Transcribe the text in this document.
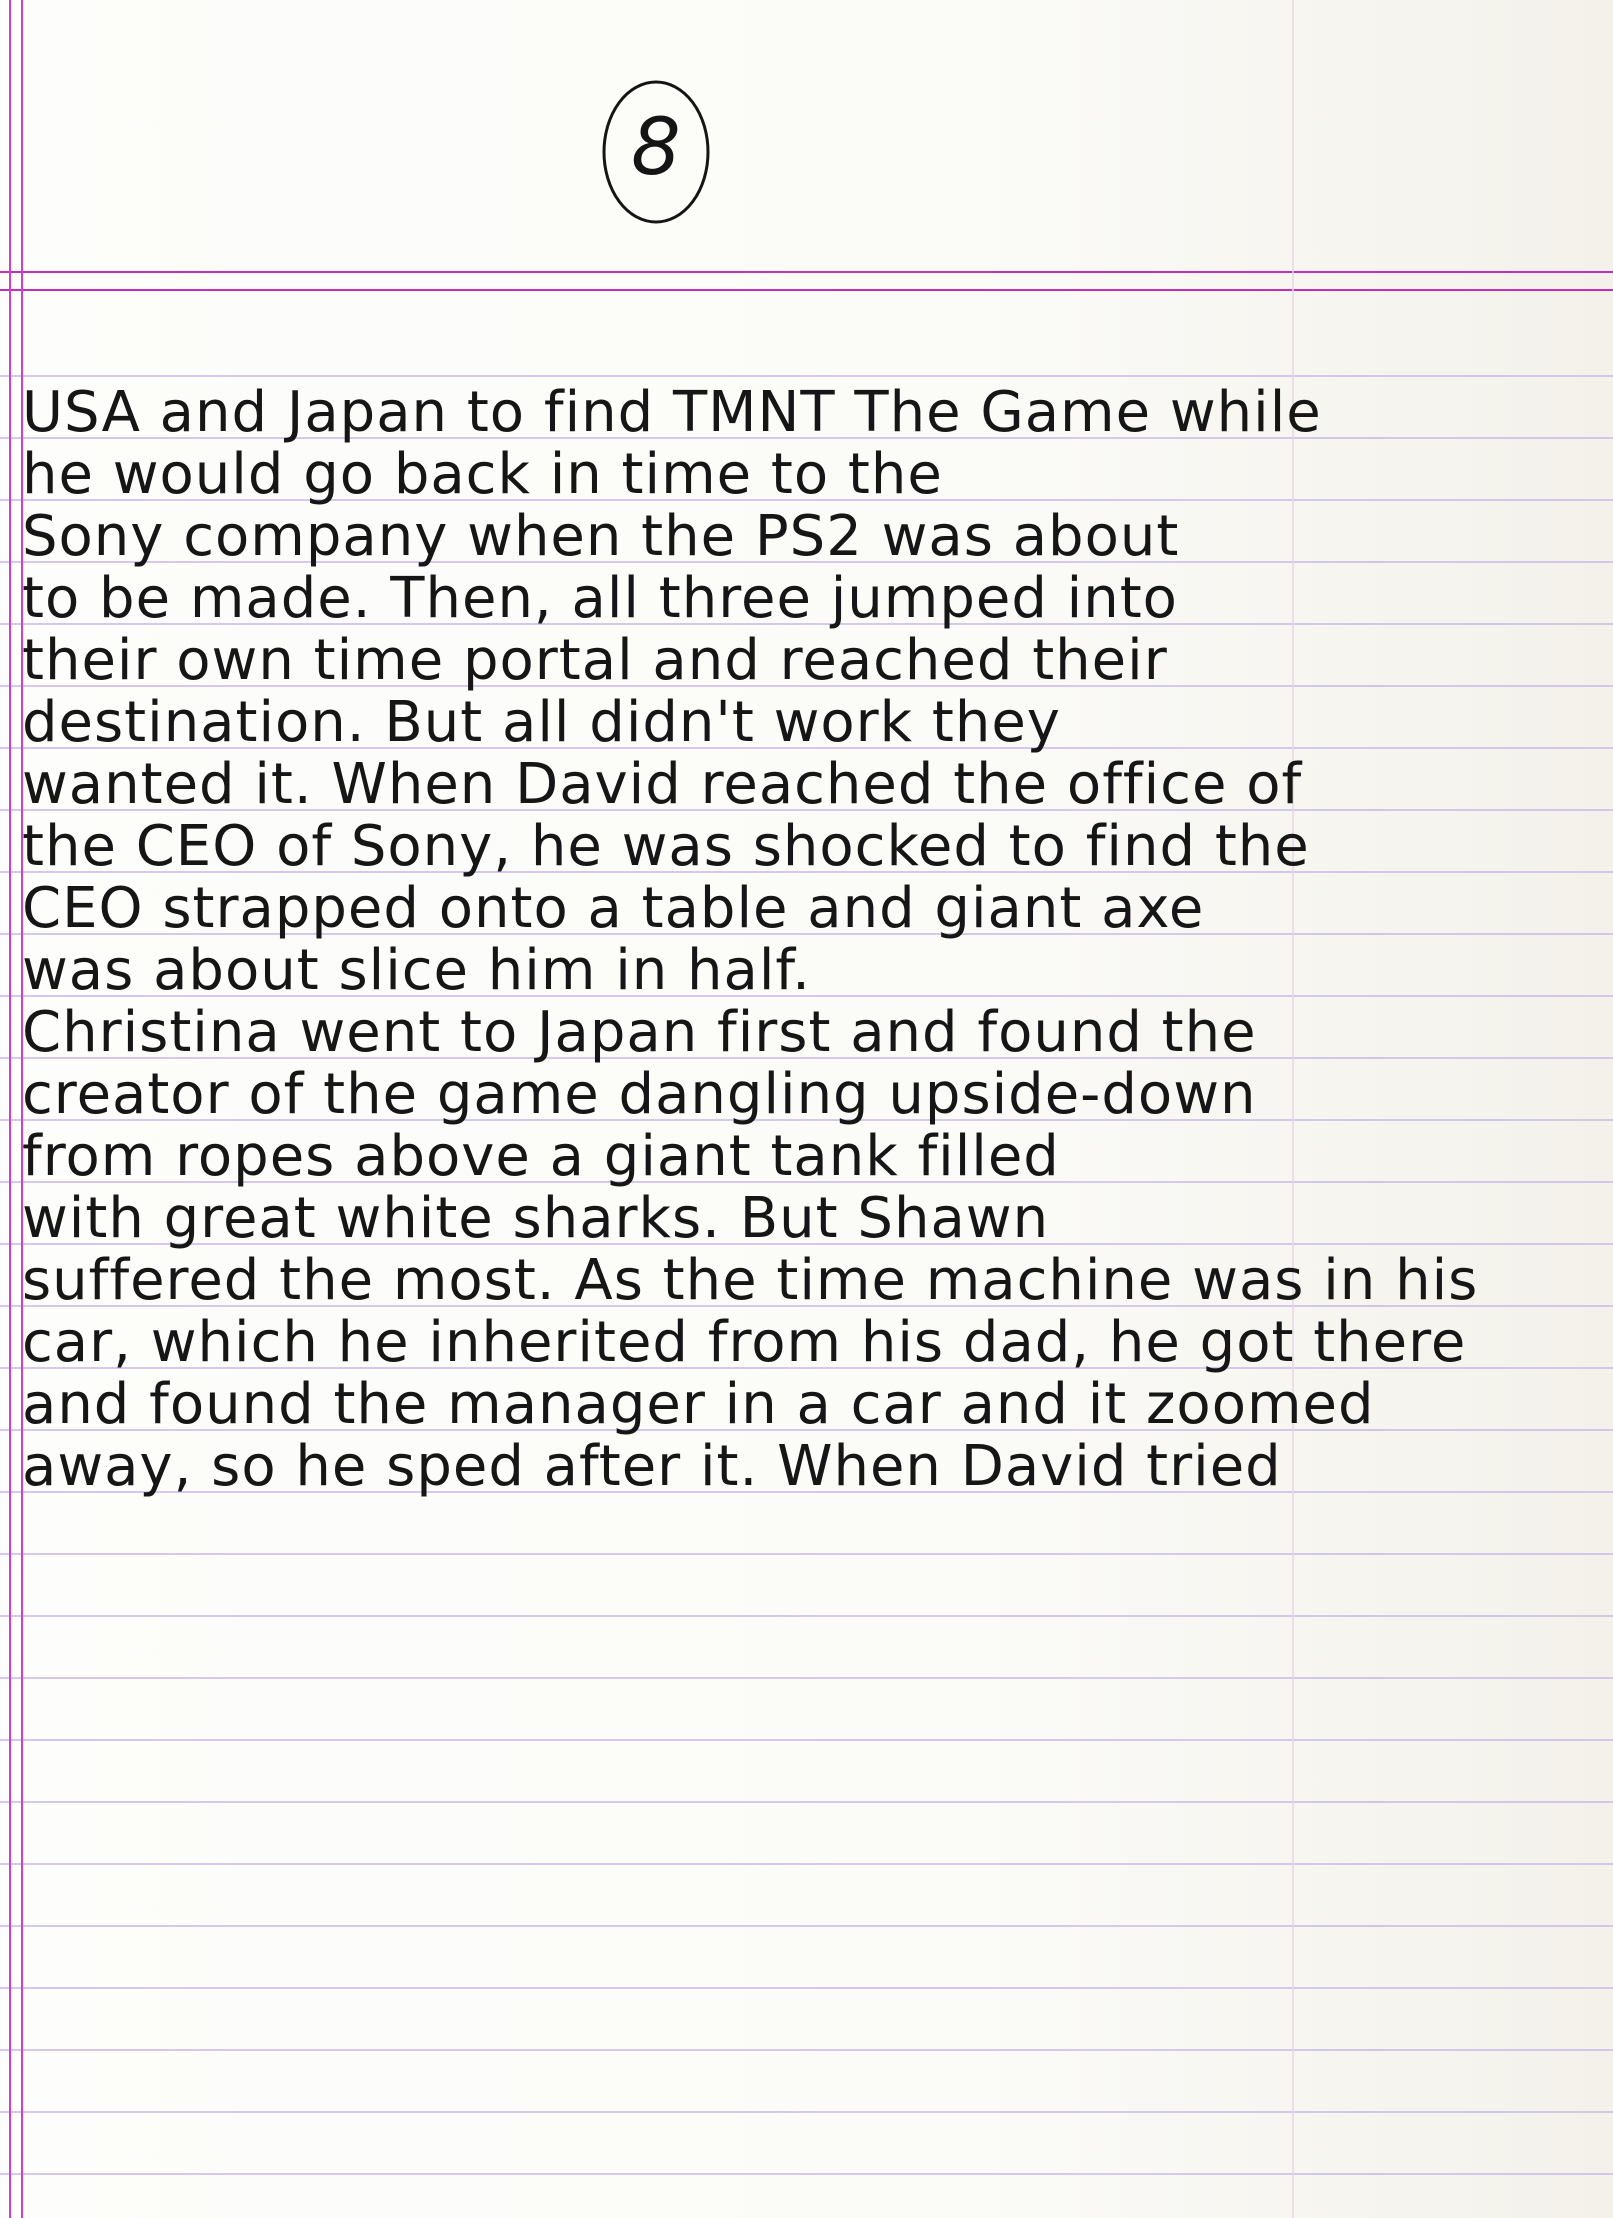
8
USA and Japan to find TMNT The Game while
he would go back in time to the
Sony company when the PS2 was about
to be made. Then, all three jumped into
their own time portal and reached their
destination. But all didn't work they
wanted it. When David reached the office of
the CEO of Sony, he was shocked to find the
CEO strapped onto a table and giant axe
was about slice him in half.
Christina went to Japan first and found the
creator of the game dangling upside-down
from ropes above a giant tank filled
with great white sharks. But Shawn
suffered the most. As the time machine was in his
car, which he inherited from his dad, he got there
and found the manager in a car and it zoomed
away, so he sped after it. When David tried
